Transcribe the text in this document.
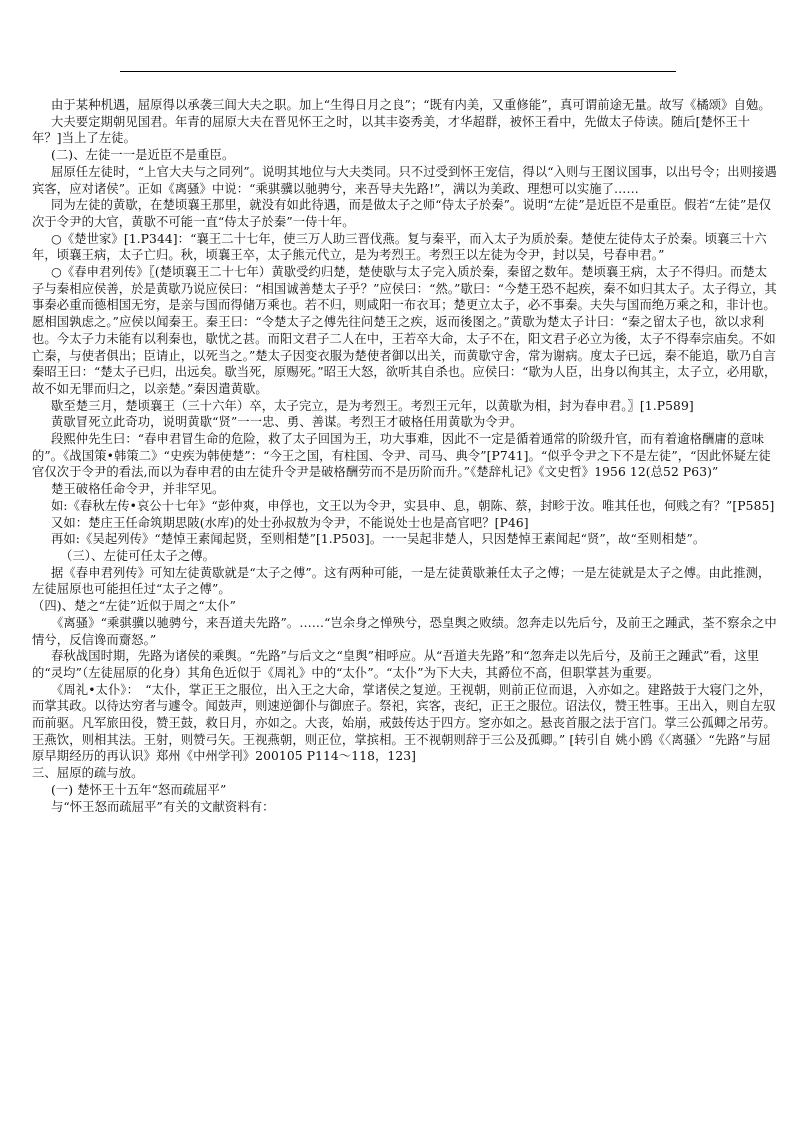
由于某种机遇，屈原得以承袭三闾大夫之职。加上“生得日月之良”；“既有内美，又重修能”，真可谓前途无量。故写《橘颂》自勉。

大夫要定期朝见国君。年青的屈原大夫在晋见怀王之时，以其丰姿秀美，才华超群，被怀王看中，先做太子侍读。随后[楚怀王十年？]当上了左徒。

(二)、左徒一一是近臣不是重臣。

屈原任左徒时，“上官大夫与之同列”。说明其地位与大夫类同。只不过受到怀王宠信，得以“入则与王图议国事，以出号令；出则接遇宾客，应对诸侯”。正如《离骚》中说：“乘骐骥以驰骋兮，来吾导夫先路!”，满以为美政、理想可以实施了……

同为左徒的黄歇，在楚顷襄王那里，就没有如此待遇，而是做太子之师“侍太子於秦”。说明“左徒”是近臣不是重臣。假若“左徒”是仅次于令尹的大官，黄歇不可能一直“侍太子於秦”一侍十年。

○《楚世家》[1.P344]：“襄王二十七年，使三万人助三晋伐燕。复与秦平，而入太子为质於秦。楚使左徒侍太子於秦。顷襄三十六年，顷襄王病，太子亡归。秋，顷襄王卒，太子熊元代立，是为考烈王。考烈王以左徒为令尹，封以吴，号春申君。”

○《春申君列传》〖(楚顷襄王二十七年）黄歇受约归楚，楚使歇与太子完入质於秦，秦留之数年。楚顷襄王病，太子不得归。而楚太子与秦相应侯善，於是黄歇乃说应侯曰：“相国诚善楚太子乎？”应侯曰：“然。”歇曰：“今楚王恐不起疾，秦不如归其太子。太子得立，其事秦必重而德相国无穷，是亲与国而得储万乘也。若不归，则咸阳一布衣耳；楚更立太子，必不事秦。夫失与国而绝万乘之和，非计也。愿相国孰虑之。”应侯以闻秦王。秦王曰：“令楚太子之傅先往问楚王之疾，返而後图之。”黄歇为楚太子计曰：“秦之留太子也，欲以求利也。今太子力未能有以利秦也，歇忧之甚。而阳文君子二人在中，王若卒大命，太子不在，阳文君子必立为後，太子不得奉宗庙矣。不如亡秦，与使者俱出；臣请止，以死当之。”楚太子因变衣服为楚使者御以出关，而黄歇守舍，常为谢病。度太子已远，秦不能追，歇乃自言秦昭王曰：“楚太子已归，出远矣。歇当死，原赐死。”昭王大怒，欲听其自杀也。应侯曰：“歇为人臣，出身以徇其主，太子立，必用歇，故不如无罪而归之，以亲楚。”秦因遣黄歇。

歇至楚三月，楚顷襄王（三十六年）卒，太子完立，是为考烈王。考烈王元年，以黄歇为相，封为春申君。〗[1.P589]

黄歇冒死立此奇功，说明黄歇“贤”一一忠、勇、善谋。考烈王才破格任用黄歇为令尹。

段熙仲先生曰：“春申君冒生命的危险，救了太子回国为王，功大事难，因此不一定是循着通常的阶级升官，而有着逾格酬庸的意味的”。《战国策•韩策二》“史疾为韩使楚”：“今王之国，有柱国、令尹、司马、典令”[P741]。“似乎令尹之下不是左徒”，“因此怀疑左徒官仅次于令尹的看法,而以为春申君的由左徒升令尹是破格酬劳而不是历阶而升。”《楚辞札记》《文史哲》1956 12(总52 P63)”

楚王破格任命令尹，并非罕见。

如:《春秋左传•哀公十七年》“彭仲爽，申俘也，文王以为令尹，实县申、息，朝陈、蔡，封畛于汝。唯其任也，何贱之有？”[P585]

又如：楚庄王任命筑期思陂(水库)的处士孙叔敖为令尹，不能说处士也是高官吧？[P46]

再如:《吴起列传》“楚悼王素闻起贤，至则相楚”[1.P503]。一一吴起非楚人，只因楚悼王素闻起“贤”，故“至则相楚”。

（三）、左徒可任太子之傅。

据《春申君列传》可知左徒黄歇就是“太子之傅”。这有两种可能，一是左徒黄歇兼任太子之傅；一是左徒就是太子之傅。由此推测，左徒屈原也可能担任过“太子之傅”。

（四)、楚之“左徒”近似于周之“太仆”

《离骚》“乘骐骥以驰骋兮，来吾道夫先路”。……“岂余身之惮殃兮，恐皇舆之败绩。忽奔走以先后兮，及前王之踵武，荃不察余之中情兮，反信谗而齌怒。”

春秋战国时期，先路为诸侯的乘舆。“先路”与后文之“皇舆”相呼应。从“吾道夫先路”和“忽奔走以先后兮，及前王之踵武”看，这里的“灵均”（左徒屈原的化身）其角色近似于《周礼》中的“太仆”。“太仆”为下大夫，其爵位不高，但职掌甚为重要。

《周礼•太仆》：　“太仆，掌正王之服位，出入王之大命，掌诸侯之复逆。王视朝，则前正位而退，入亦如之。建路鼓于大寝门之外，而掌其政。以待达穷者与遽令。闻鼓声，则速逆御仆与御庶子。祭祀，宾客，丧纪，正王之服位。诏法仪，赞王牲事。王出入，则自左驭而前驱。凡军旅田役，赞王鼓，救日月，亦如之。大丧，始崩，戒鼓传达于四方。窆亦如之。悬丧首服之法于宫门。掌三公孤卿之吊劳。王燕饮，则相其法。王射，则赞弓矢。王视燕朝，则正位，掌摈相。王不视朝则辞于三公及孤卿。” [转引自 姚小鸥《〈离骚〉“先路”与屈原早期经历的再认识》郑州《中州学刊》200105 P114～118，123]

三、屈原的疏与放。

(一) 楚怀王十五年“怒而疏屈平”

与“怀王怒而疏屈平”有关的文献资料有：
